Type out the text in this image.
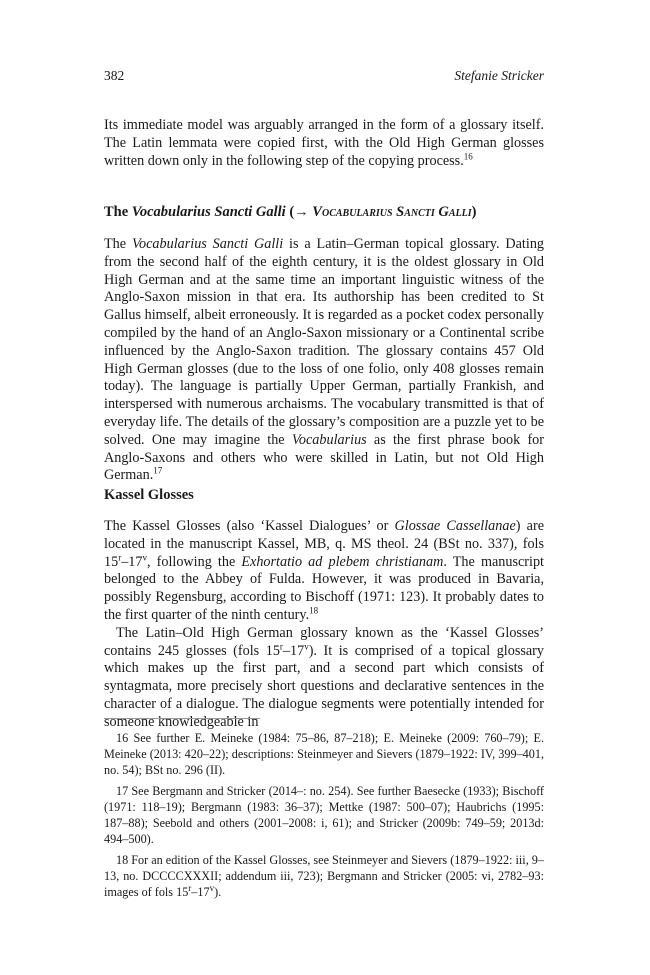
382	Stefanie Stricker

Its immediate model was arguably arranged in the form of a glossary itself. The Latin lemmata were copied first, with the Old High German glosses written down only in the following step of the copying process.$^{16}$

The Vocabularius Sancti Galli (→ Vocabularius Sancti Galli)

The Vocabularius Sancti Galli is a Latin–German topical glossary. Dating from the second half of the eighth century, it is the oldest glossary in Old High German and at the same time an important linguistic witness of the Anglo-Saxon mission in that era. Its authorship has been credited to St Gallus himself, albeit erroneously. It is regarded as a pocket codex personally compiled by the hand of an Anglo-Saxon missionary or a Continental scribe influenced by the Anglo-Saxon tradition. The glossary contains 457 Old High German glosses (due to the loss of one folio, only 408 glosses remain today). The language is partially Upper German, partially Frankish, and interspersed with numerous archaisms. The vocabulary transmitted is that of everyday life. The details of the glossary’s composition are a puzzle yet to be solved. One may imagine the Vocabularius as the first phrase book for Anglo-Saxons and others who were skilled in Latin, but not Old High German.$^{17}$

Kassel Glosses

The Kassel Glosses (also ‘Kassel Dialogues’ or Glossae Cassellanae) are located in the manuscript Kassel, MB, q. MS theol. 24 (BSt no. 337), fols 15$^r$–17$^v$, following the Exhortatio ad plebem christianam. The manuscript belonged to the Abbey of Fulda. However, it was produced in Bavaria, possibly Regensburg, according to Bischoff (1971: 123). It probably dates to the first quarter of the ninth century.$^{18}$

The Latin–Old High German glossary known as the ‘Kassel Glosses’ contains 245 glosses (fols 15$^r$–17$^v$). It is comprised of a topical glossary which makes up the first part, and a second part which consists of syntagmata, more precisely short questions and declarative sentences in the character of a dialogue. The dialogue segments were potentially intended for someone knowledgeable in

16 See further E. Meineke (1984: 75–86, 87–218); E. Meineke (2009: 760–79); E. Meineke (2013: 420–22); descriptions: Steinmeyer and Sievers (1879–1922: IV, 399–401, no. 54); BSt no. 296 (II).

17 See Bergmann and Stricker (2014–: no. 254). See further Baesecke (1933); Bischoff (1971: 118–19); Bergmann (1983: 36–37); Mettke (1987: 500–07); Haubrichs (1995: 187–88); Seebold and others (2001–2008: i, 61); and Stricker (2009b: 749–59; 2013d: 494–500).

18 For an edition of the Kassel Glosses, see Steinmeyer and Sievers (1879–1922: iii, 9–13, no. DCCCCXXXII; addendum iii, 723); Bergmann and Stricker (2005: vi, 2782–93: images of fols 15$^r$–17$^v$).
